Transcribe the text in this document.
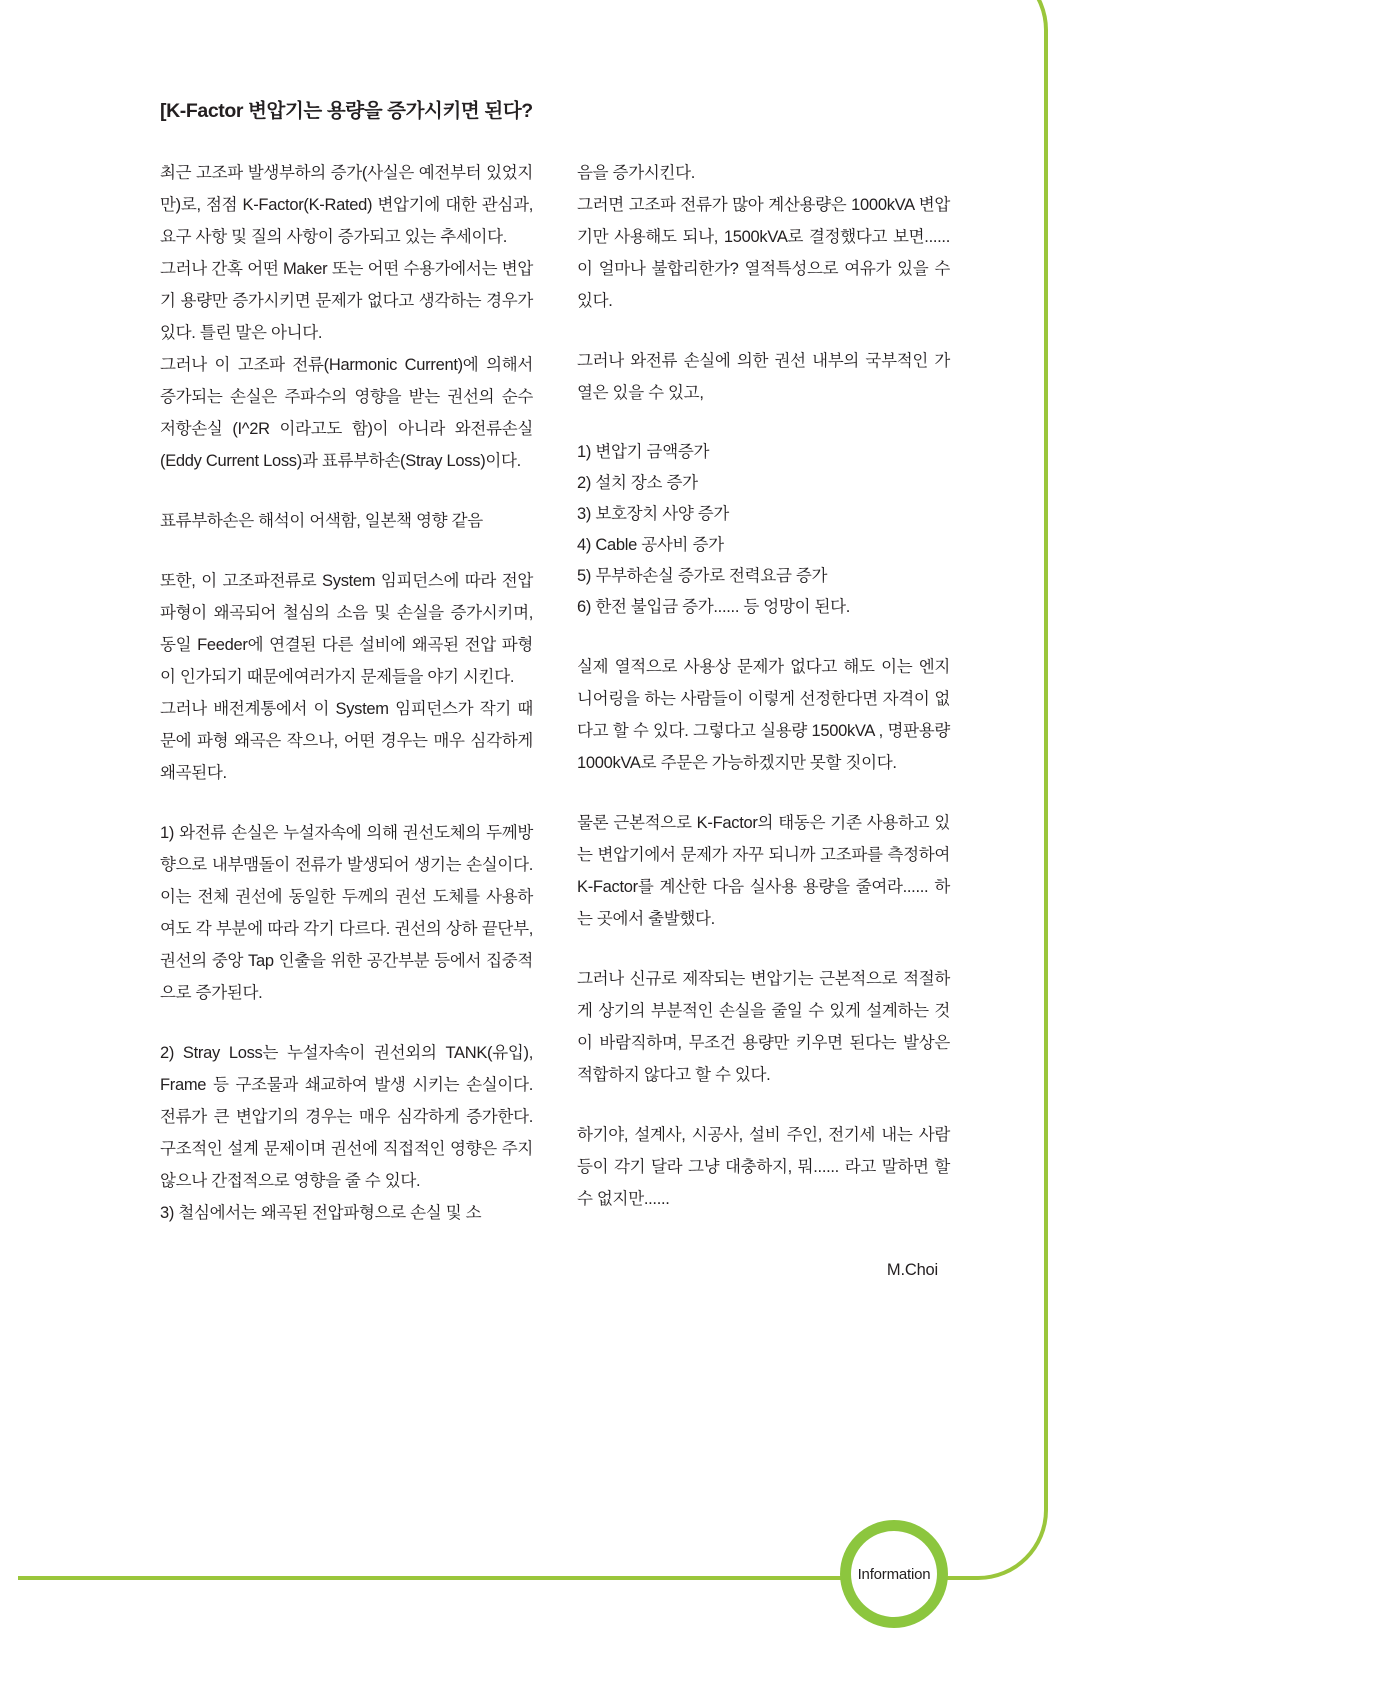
Information
[K-Factor 변압기는 용량을 증가시키면 된다?

최근 고조파 발생부하의 증가(사실은 예전부터 있었지만)로, 점점 K-Factor(K-Rated) 변압기에 대한 관심과, 요구 사항 및 질의 사항이 증가되고 있는 추세이다.

그러나 간혹 어떤 Maker 또는 어떤 수용가에서는 변압기 용량만 증가시키면 문제가 없다고 생각하는 경우가 있다. 틀린 말은 아니다.

그러나 이 고조파 전류(Harmonic Current)에 의해서 증가되는 손실은 주파수의 영향을 받는 권선의 순수 저항손실 (I^2R 이라고도 함)이 아니라 와전류손실(Eddy Current Loss)과 표류부하손(Stray Loss)이다.

표류부하손은 해석이 어색함, 일본책 영향 같음

또한, 이 고조파전류로 System 임피던스에 따라 전압파형이 왜곡되어 철심의 소음 및 손실을 증가시키며, 동일 Feeder에 연결된 다른 설비에 왜곡된 전압 파형이 인가되기 때문에여러가지 문제들을 야기 시킨다.

그러나 배전계통에서 이 System 임피던스가 작기 때문에 파형 왜곡은 작으나, 어떤 경우는 매우 심각하게 왜곡된다.

1) 와전류 손실은 누설자속에 의해 권선도체의 두께방향으로 내부맴돌이 전류가 발생되어 생기는 손실이다. 이는 전체 권선에 동일한 두께의 권선 도체를 사용하여도 각 부분에 따라 각기 다르다. 권선의 상하 끝단부, 권선의 중앙 Tap 인출을 위한 공간부분 등에서 집중적으로 증가된다.

2) Stray Loss는 누설자속이 권선외의 TANK(유입), Frame 등 구조물과 쇄교하여 발생 시키는 손실이다. 전류가 큰 변압기의 경우는 매우 심각하게 증가한다. 구조적인 설계 문제이며 권선에 직접적인 영향은 주지 않으나 간접적으로 영향을 줄 수 있다.

3) 철심에서는 왜곡된 전압파형으로 손실 및 소

음을 증가시킨다.

그러면 고조파 전류가 많아 계산용량은 1000kVA 변압기만 사용해도 되나, 1500kVA로 결정했다고 보면...... 이 얼마나 불합리한가? 열적특성으로 여유가 있을 수 있다.

그러나 와전류 손실에 의한 권선 내부의 국부적인 가열은 있을 수 있고,

1) 변압기 금액증가

2) 설치 장소 증가

3) 보호장치 사양 증가

4) Cable 공사비 증가

5) 무부하손실 증가로 전력요금 증가

6) 한전 불입금 증가...... 등 엉망이 된다.

실제 열적으로 사용상 문제가 없다고 해도 이는 엔지니어링을 하는 사람들이 이렇게 선정한다면 자격이 없다고 할 수 있다. 그렇다고 실용량 1500kVA , 명판용량 1000kVA로 주문은 가능하겠지만 못할 짓이다.

물론 근본적으로 K-Factor의 태동은 기존 사용하고 있는 변압기에서 문제가 자꾸 되니까 고조파를 측정하여 K-Factor를 계산한 다음 실사용 용량을 줄여라...... 하는 곳에서 출발했다.

그러나 신규로 제작되는 변압기는 근본적으로 적절하게 상기의 부분적인 손실을 줄일 수 있게 설계하는 것이 바람직하며, 무조건 용량만 키우면 된다는 발상은 적합하지 않다고 할 수 있다.

하기야, 설계사, 시공사, 설비 주인, 전기세 내는 사람 등이 각기 달라 그냥 대충하지, 뭐...... 라고 말하면 할 수 없지만......

M.Choi
